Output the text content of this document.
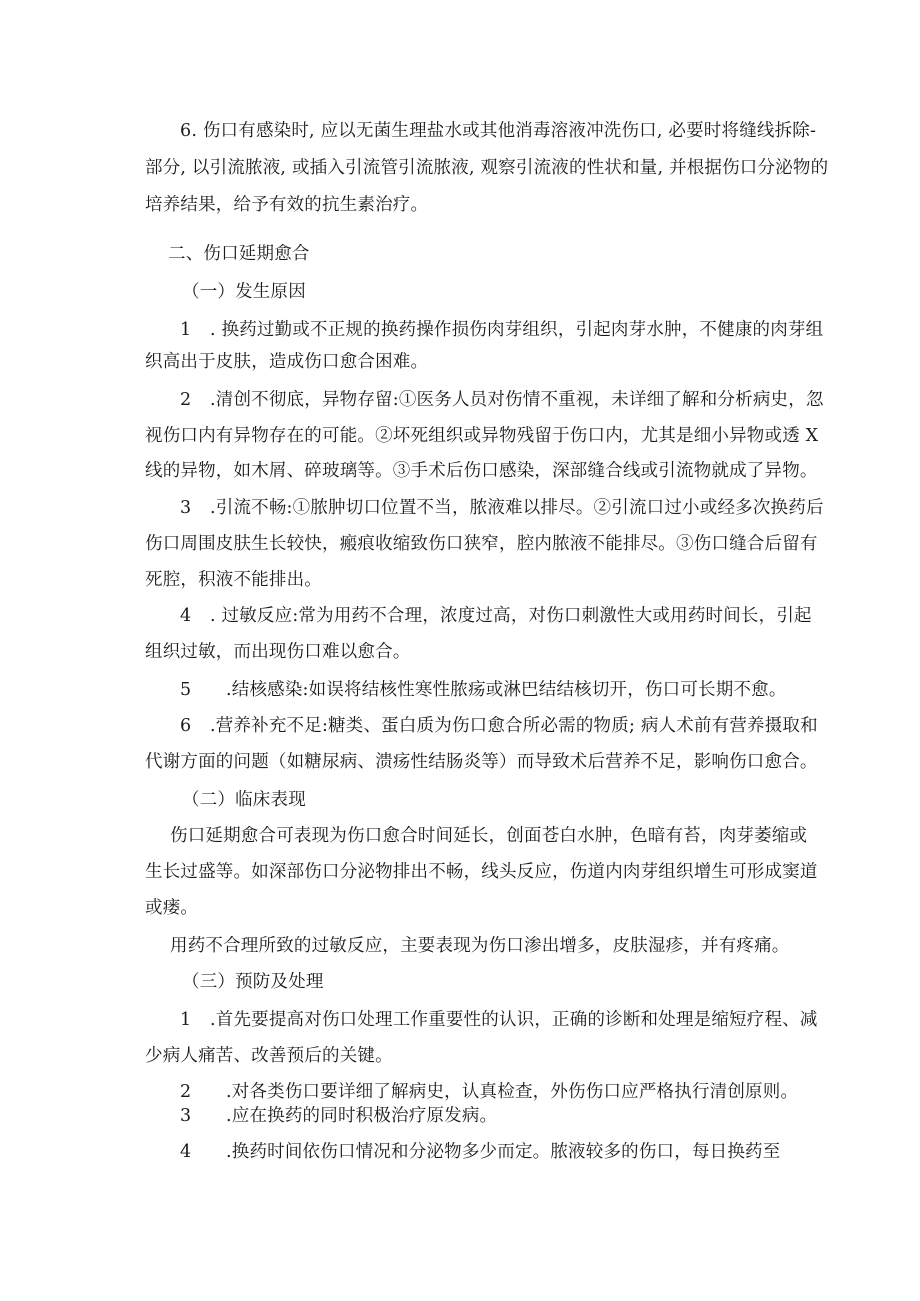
6. 伤口有感染时, 应以无菌生理盐水或其他消毒溶液冲洗伤口, 必要时将缝线拆除-

部分, 以引流脓液, 或插入引流管引流脓液, 观察引流液的性状和量, 并根据伤口分泌物的

培养结果，给予有效的抗生素治疗。

二、伤口延期愈合

（一）发生原因

1 . 换药过勤或不正规的换药操作损伤肉芽组织，引起肉芽水肿，不健康的肉芽组

织高出于皮肤，造成伤口愈合困难。

2 .清创不彻底，异物存留:①医务人员对伤情不重视，未详细了解和分析病史，忽

视伤口内有异物存在的可能。②坏死组织或异物残留于伤口内，尤其是细小异物或透 X

线的异物，如木屑、碎玻璃等。③手术后伤口感染，深部缝合线或引流物就成了异物。

3 .引流不畅:①脓肿切口位置不当，脓液难以排尽。②引流口过小或经多次换药后

伤口周围皮肤生长较快，瘢痕收缩致伤口狭窄，腔内脓液不能排尽。③伤口缝合后留有

死腔，积液不能排出。

4 . 过敏反应:常为用药不合理，浓度过高，对伤口刺激性大或用药时间长，引起

组织过敏，而出现伤口难以愈合。

5 .结核感染:如误将结核性寒性脓疡或淋巴结结核切开，伤口可长期不愈。

6 .营养补充不足:糖类、蛋白质为伤口愈合所必需的物质; 病人术前有营养摄取和

代谢方面的问题（如糖尿病、溃疡性结肠炎等）而导致术后营养不足，影响伤口愈合。

（二）临床表现

伤口延期愈合可表现为伤口愈合时间延长，创面苍白水肿，色暗有苔，肉芽萎缩或

生长过盛等。如深部伤口分泌物排出不畅，线头反应，伤道内肉芽组织增生可形成窦道

或瘘。

用药不合理所致的过敏反应，主要表现为伤口渗出增多，皮肤湿疹，并有疼痛。

（三）预防及处理

1 .首先要提高对伤口处理工作重要性的认识，正确的诊断和处理是缩短疗程、减

少病人痛苦、改善预后的关键。

2 .对各类伤口要详细了解病史，认真检查，外伤伤口应严格执行清创原则。

3 .应在换药的同时积极治疗原发病。

4 .换药时间依伤口情况和分泌物多少而定。脓液较多的伤口，每日换药至
